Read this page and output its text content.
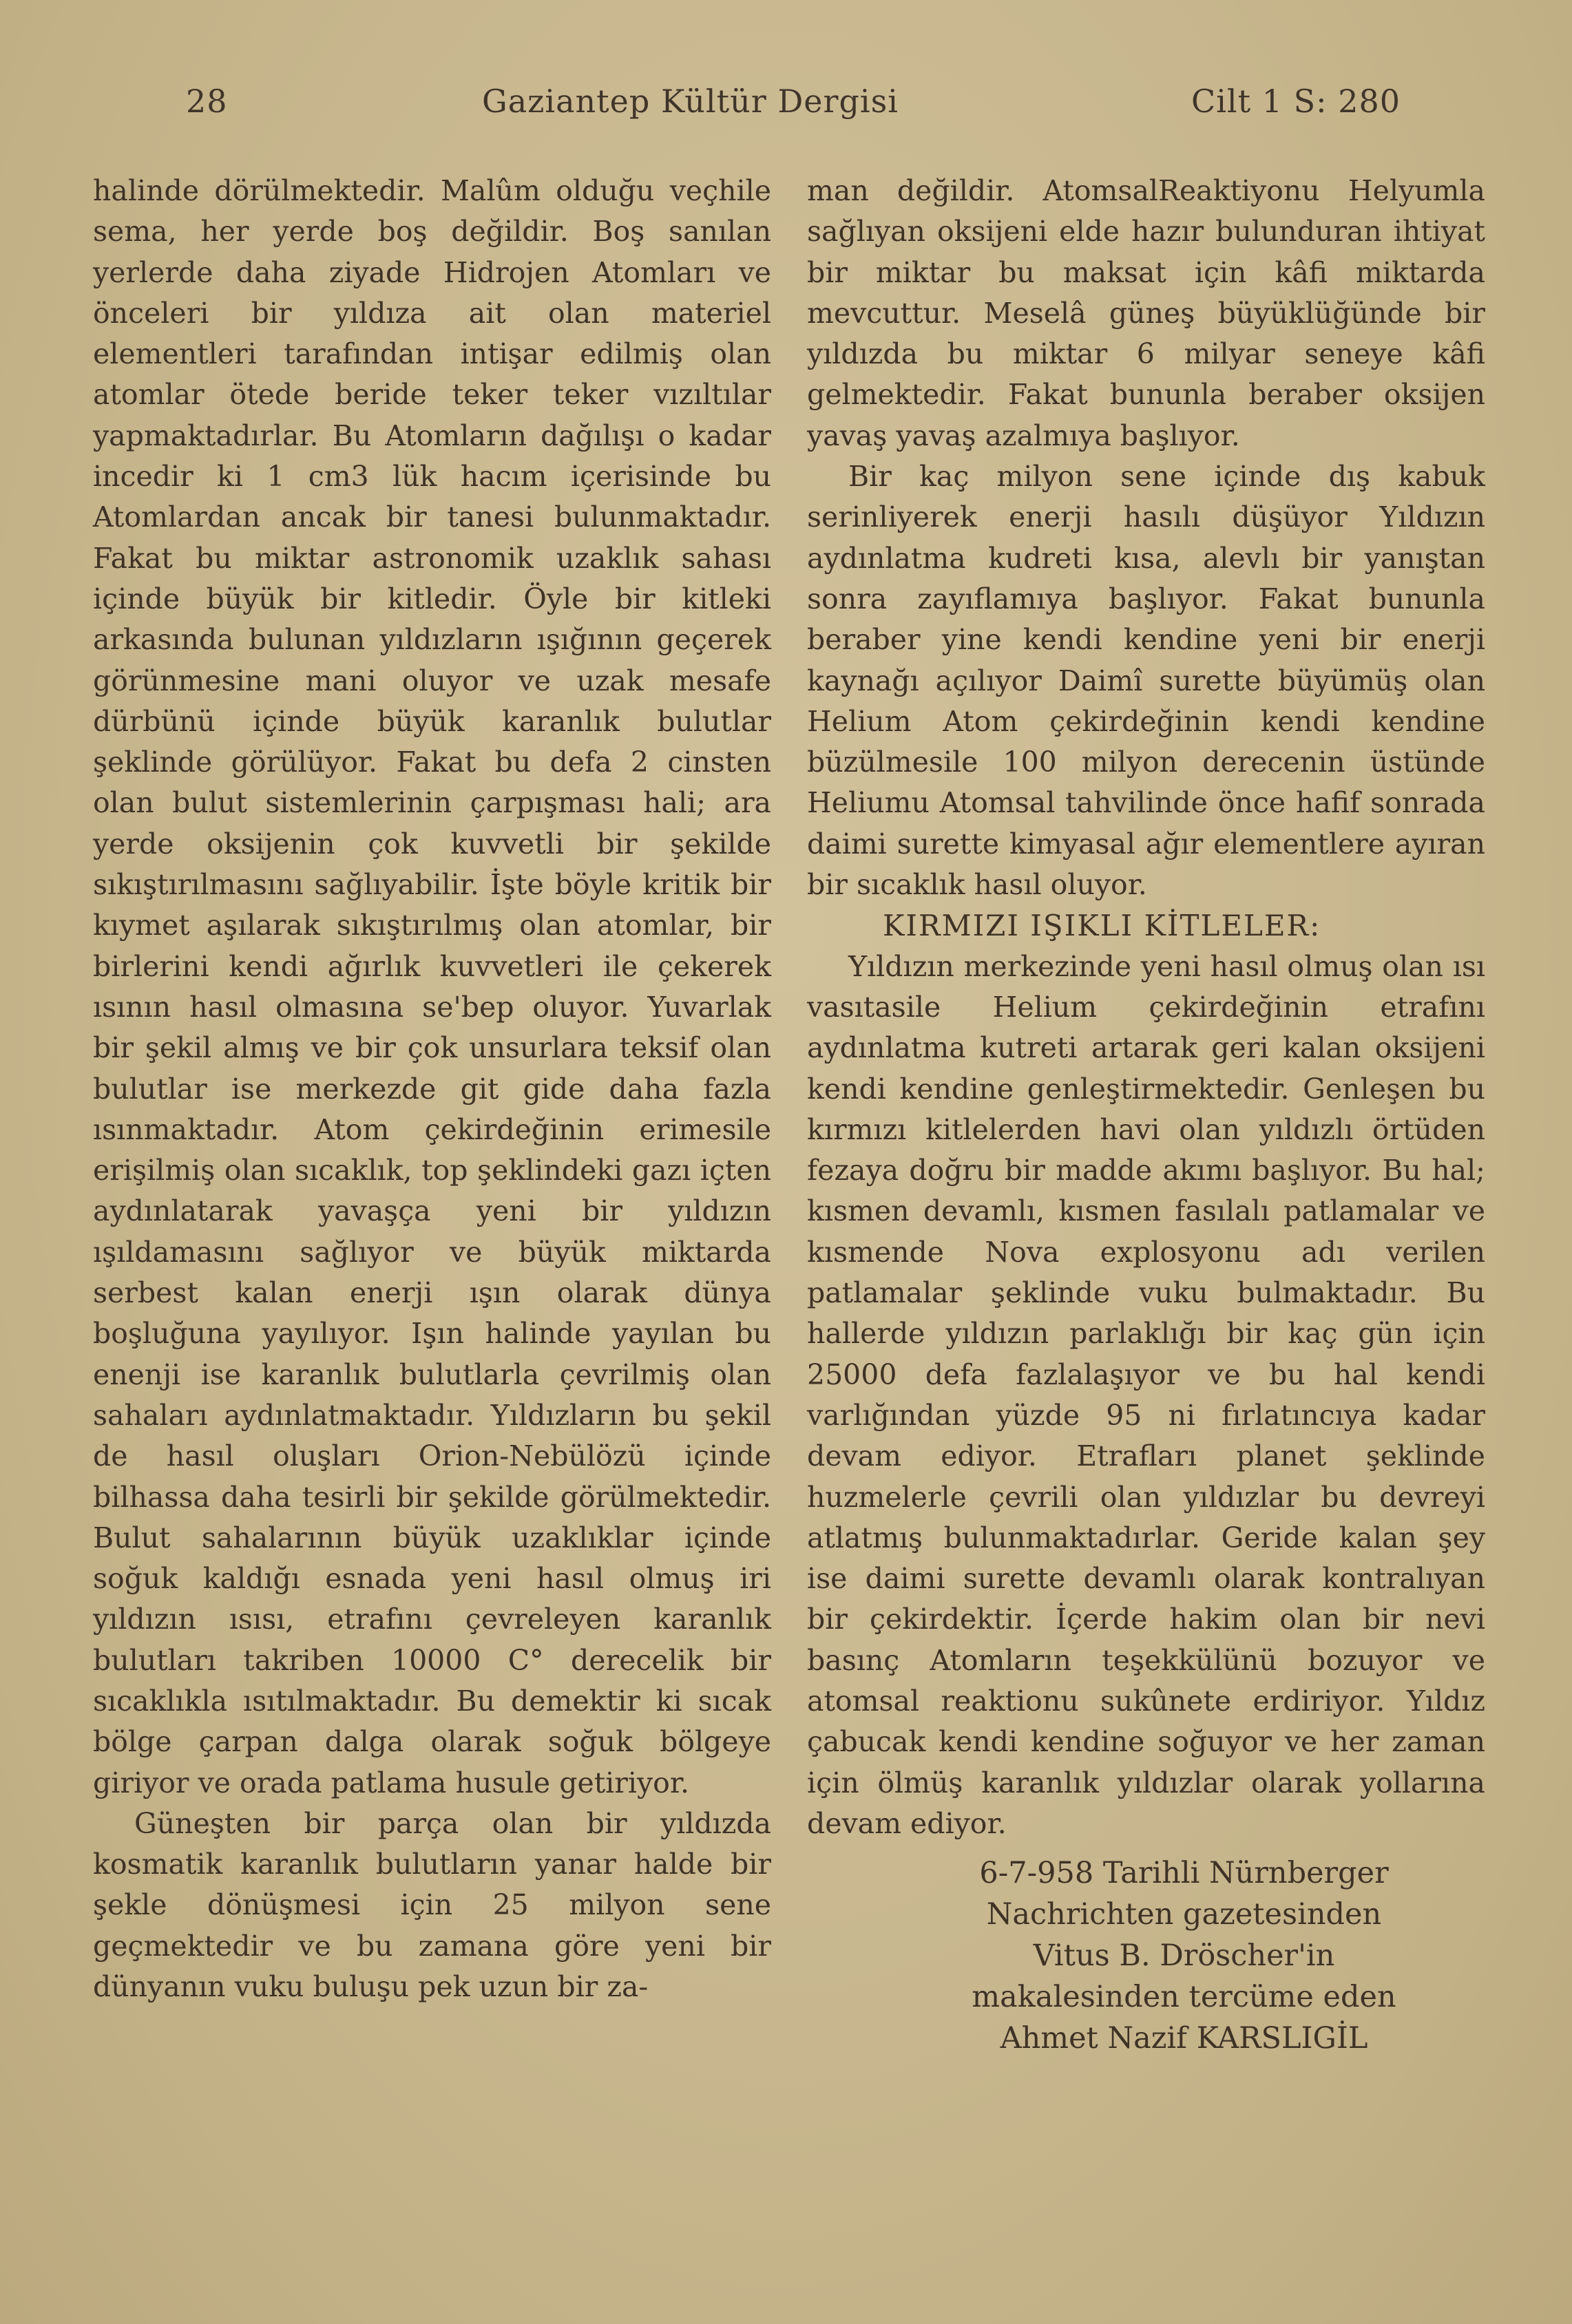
28	Gaziantep Kültür Dergisi	Cilt 1 S: 280

halinde dörülmektedir. Malûm olduğu veçhile sema, her yerde boş değildir. Boş sanılan yerlerde daha ziyade Hidrojen Atomları ve önceleri bir yıldıza ait olan materiel elementleri tarafından intişar edilmiş olan atomlar ötede beride teker teker vızıltılar yapmaktadırlar. Bu Atomların dağılışı o kadar incedir ki 1 cm3 lük hacım içerisinde bu Atomlardan ancak bir tanesi bulunmaktadır. Fakat bu miktar astronomik uzaklık sahası içinde büyük bir kitledir. Öyle bir kitleki arkasında bulunan yıldızların ışığının geçerek görünmesine mani oluyor ve uzak mesafe dürbünü içinde büyük karanlık bulutlar şeklinde görülüyor. Fakat bu defa 2 cinsten olan bulut sistemlerinin çarpışması hali; ara yerde oksijenin çok kuvvetli bir şekilde sıkıştırılmasını sağlıyabilir. İşte böyle kritik bir kıymet aşılarak sıkıştırılmış olan atomlar, bir birlerini kendi ağırlık kuvvetleri ile çekerek ısının hasıl olmasına se'bep oluyor. Yuvarlak bir şekil almış ve bir çok unsurlara teksif olan bulutlar ise merkezde git gide daha fazla ısınmaktadır. Atom çekirdeğinin erimesile erişilmiş olan sıcaklık, top şeklindeki gazı içten aydınlatarak yavaşça yeni bir yıldızın ışıldamasını sağlıyor ve büyük miktarda serbest kalan enerji ışın olarak dünya boşluğuna yayılıyor. Işın halinde yayılan bu enenji ise karanlık bulutlarla çevrilmiş olan sahaları aydınlatmaktadır. Yıldızların bu şekil de hasıl oluşları Orion-Nebülözü içinde bilhassa daha tesirli bir şekilde görülmektedir. Bulut sahalarının büyük uzaklıklar içinde soğuk kaldığı esnada yeni hasıl olmuş iri yıldızın ısısı, etrafını çevreleyen karanlık bulutları takriben 10000 C° derecelik bir sıcaklıkla ısıtılmaktadır. Bu demektir ki sıcak bölge çarpan dalga olarak soğuk bölgeye giriyor ve orada patlama husule getiriyor.

Güneşten bir parça olan bir yıldızda kosmatik karanlık bulutların yanar halde bir şekle dönüşmesi için 25 milyon sene geçmektedir ve bu zamana göre yeni bir dünyanın vuku buluşu pek uzun bir za-

man değildir. AtomsalReaktiyonu Helyumla sağlıyan oksijeni elde hazır bulunduran ihtiyat bir miktar bu maksat için kâfi miktarda mevcuttur. Meselâ güneş büyüklüğünde bir yıldızda bu miktar 6 milyar seneye kâfi gelmektedir. Fakat bununla beraber oksijen yavaş yavaş azalmıya başlıyor.

Bir kaç milyon sene içinde dış kabuk serinliyerek enerji hasılı düşüyor Yıldızın aydınlatma kudreti kısa, alevlı bir yanıştan sonra zayıflamıya başlıyor. Fakat bununla beraber yine kendi kendine yeni bir enerji kaynağı açılıyor Daimî surette büyümüş olan Helium Atom çekirdeğinin kendi kendine büzülmesile 100 milyon derecenin üstünde Heliumu Atomsal tahvilinde önce hafif sonrada daimi surette kimyasal ağır elementlere ayıran bir sıcaklık hasıl oluyor.

KIRMIZI IŞIKLI KİTLELER:

Yıldızın merkezinde yeni hasıl olmuş olan ısı vasıtasile Helium çekirdeğinin etrafını aydınlatma kutreti artarak geri kalan oksijeni kendi kendine genleştirmektedir. Genleşen bu kırmızı kitlelerden havi olan yıldızlı örtüden fezaya doğru bir madde akımı başlıyor. Bu hal; kısmen devamlı, kısmen fasılalı patlamalar ve kısmende Nova explosyonu adı verilen patlamalar şeklinde vuku bulmaktadır. Bu hallerde yıldızın parlaklığı bir kaç gün için 25000 defa fazlalaşıyor ve bu hal kendi varlığından yüzde 95 ni fırlatıncıya kadar devam ediyor. Etrafları planet şeklinde huzmelerle çevrili olan yıldızlar bu devreyi atlatmış bulunmaktadırlar. Geride kalan şey ise daimi surette devamlı olarak kontralıyan bir çekirdektir. İçerde hakim olan bir nevi basınç Atomların teşekkülünü bozuyor ve atomsal reaktionu sukûnete erdiriyor. Yıldız çabucak kendi kendine soğuyor ve her zaman için ölmüş karanlık yıldızlar olarak yollarına devam ediyor.

6-7-958 Tarihli Nürnberger
Nachrichten gazetesinden
Vitus B. Dröscher'in
makalesinden tercüme eden
Ahmet Nazif KARSLIGİL
